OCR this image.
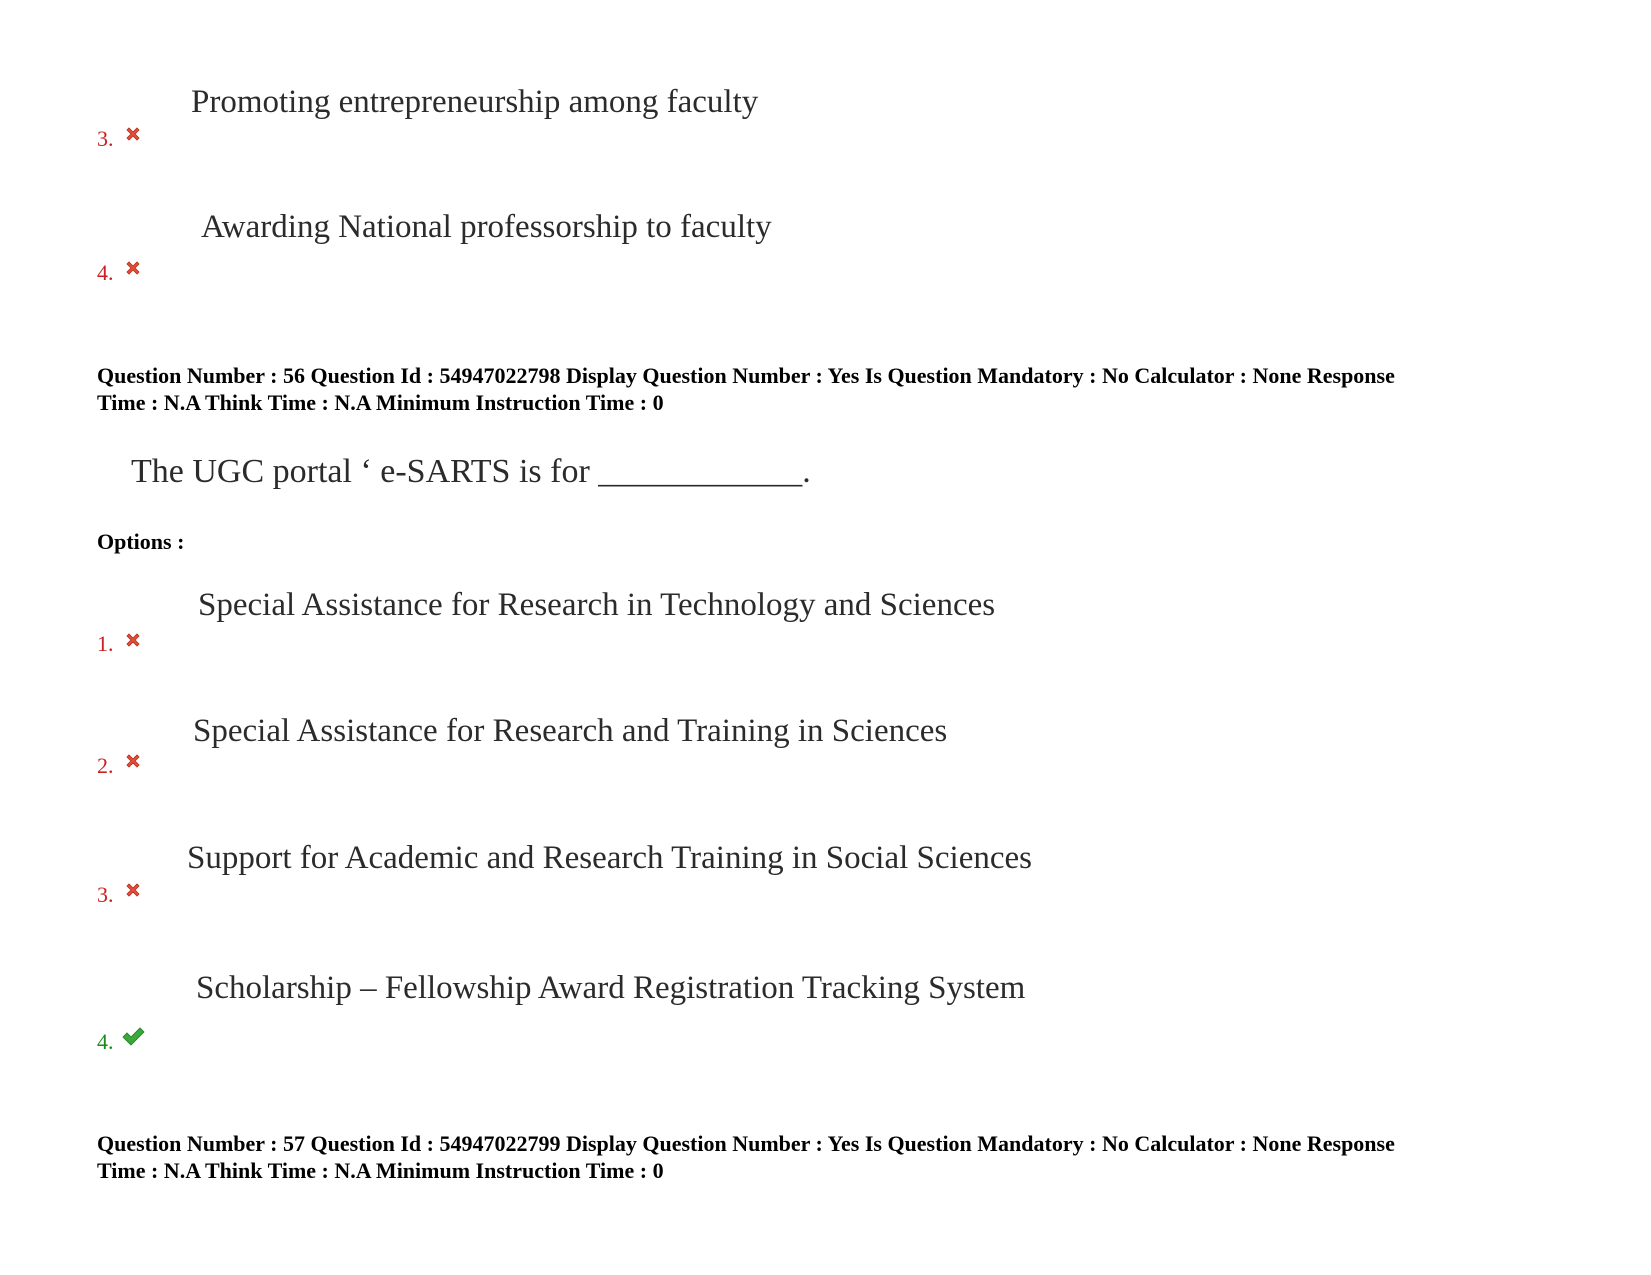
Promoting entrepreneurship among faculty
3.
Awarding National professorship to faculty
4.
Question Number : 56 Question Id : 54947022798 Display Question Number : Yes Is Question Mandatory : No Calculator : None Response
Time : N.A Think Time : N.A Minimum Instruction Time : 0
The UGC portal ‘ e-SARTS is for ____________.
Options :
Special Assistance for Research in Technology and Sciences
1.
Special Assistance for Research and Training in Sciences
2.
Support for Academic and Research Training in Social Sciences
3.
Scholarship – Fellowship Award Registration Tracking System
4.
Question Number : 57 Question Id : 54947022799 Display Question Number : Yes Is Question Mandatory : No Calculator : None Response
Time : N.A Think Time : N.A Minimum Instruction Time : 0
